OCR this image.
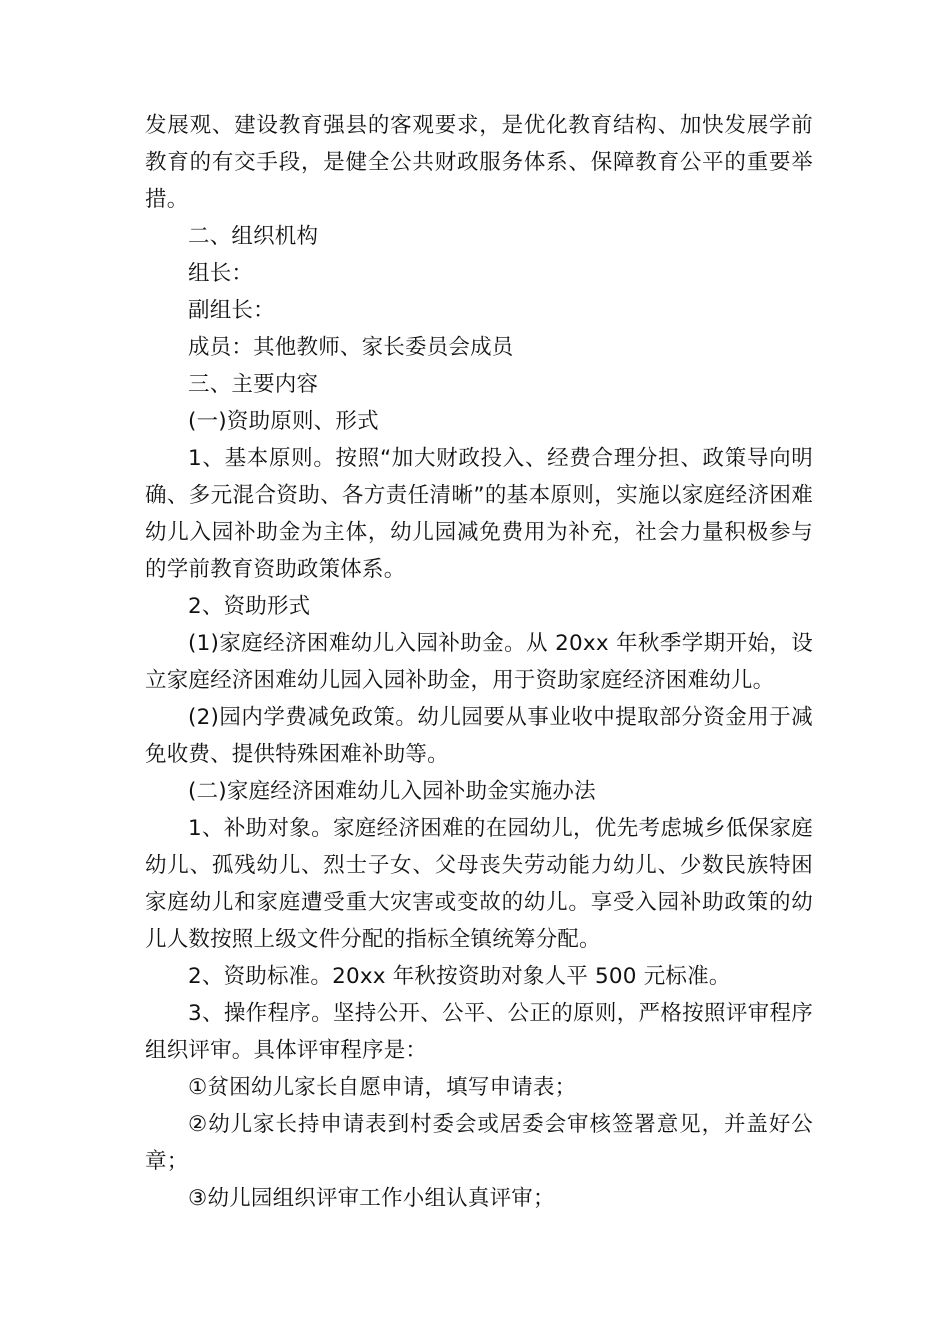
发展观、建设教育强县的客观要求，是优化教育结构、加快发展学前教育的有交手段，是健全公共财政服务体系、保障教育公平的重要举措。

二、组织机构

组长：

副组长：

成员：其他教师、家长委员会成员

三、主要内容

(一)资助原则、形式

1、基本原则。按照“加大财政投入、经费合理分担、政策导向明确、多元混合资助、各方责任清晰”的基本原则，实施以家庭经济困难幼儿入园补助金为主体，幼儿园减免费用为补充，社会力量积极参与的学前教育资助政策体系。

2、资助形式

(1)家庭经济困难幼儿入园补助金。从 20xx 年秋季学期开始，设立家庭经济困难幼儿园入园补助金，用于资助家庭经济困难幼儿。

(2)园内学费减免政策。幼儿园要从事业收中提取部分资金用于减免收费、提供特殊困难补助等。

(二)家庭经济困难幼儿入园补助金实施办法

1、补助对象。家庭经济困难的在园幼儿，优先考虑城乡低保家庭幼儿、孤残幼儿、烈士子女、父母丧失劳动能力幼儿、少数民族特困家庭幼儿和家庭遭受重大灾害或变故的幼儿。享受入园补助政策的幼儿人数按照上级文件分配的指标全镇统筹分配。

2、资助标准。20xx 年秋按资助对象人平 500 元标准。

3、操作程序。坚持公开、公平、公正的原则，严格按照评审程序组织评审。具体评审程序是：

①贫困幼儿家长自愿申请，填写申请表；

②幼儿家长持申请表到村委会或居委会审核签署意见，并盖好公章；

③幼儿园组织评审工作小组认真评审；
